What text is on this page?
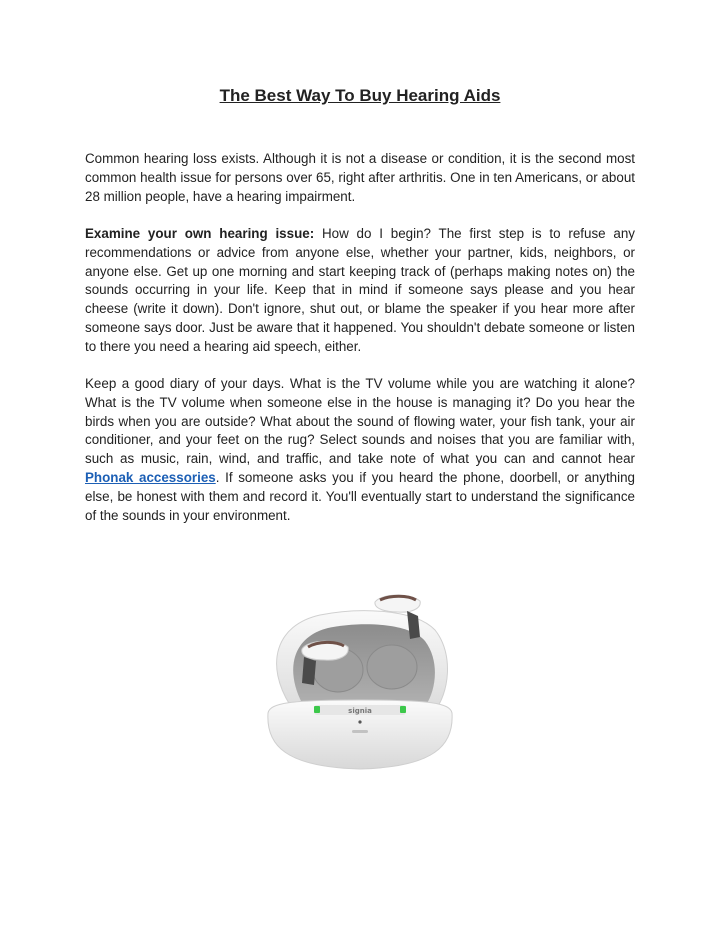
The Best Way To Buy Hearing Aids

Common hearing loss exists. Although it is not a disease or condition, it is the second most common health issue for persons over 65, right after arthritis. One in ten Americans, or about 28 million people, have a hearing impairment.

Examine your own hearing issue: How do I begin? The first step is to refuse any recommendations or advice from anyone else, whether your partner, kids, neighbors, or anyone else. Get up one morning and start keeping track of (perhaps making notes on) the sounds occurring in your life. Keep that in mind if someone says please and you hear cheese (write it down). Don't ignore, shut out, or blame the speaker if you hear more after someone says door. Just be aware that it happened. You shouldn't debate someone or listen to there you need a hearing aid speech, either.

Keep a good diary of your days. What is the TV volume while you are watching it alone? What is the TV volume when someone else in the house is managing it? Do you hear the birds when you are outside? What about the sound of flowing water, your fish tank, your air conditioner, and your feet on the rug? Select sounds and noises that you are familiar with, such as music, rain, wind, and traffic, and take note of what you can and cannot hear Phonak accessories. If someone asks you if you heard the phone, doorbell, or anything else, be honest with them and record it. You'll eventually start to understand the significance of the sounds in your environment.

signia
